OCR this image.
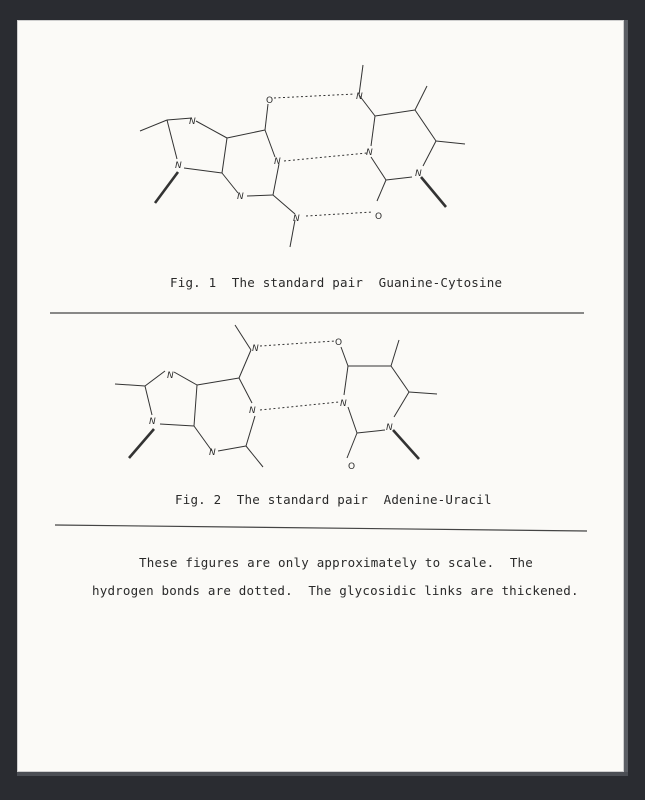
N
N	N
N
N
O	N
N
N
O
N
N
N
N
N
O
N
N
O
Fig. 1  The standard pair  Guanine-Cytosine
Fig. 2  The standard pair  Adenine-Uracil
These figures are only approximately to scale.  The
hydrogen bonds are dotted.  The glycosidic links are thickened.
